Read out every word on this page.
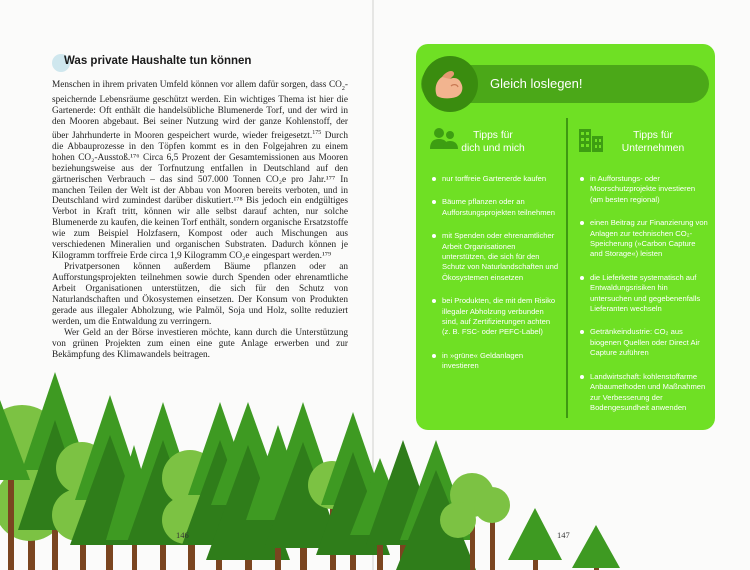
Was private Haushalte tun können

Menschen in ihrem privaten Umfeld können vor allem dafür sorgen, dass $CO_2$-speichernde Lebensräume geschützt werden. Ein wichtiges Thema ist hier die Gartenerde: Oft enthält die handelsübliche Blumenerde Torf, und der wird in den Mooren abgebaut. Bei seiner Nutzung wird der ganze Kohlenstoff, der über Jahrhunderte in Mooren gespeichert wurde, wieder freigesetzt.$^{175}$ Durch die Abbauprozesse in den Töpfen kommt es in den Folgejahren zu einem hohen CO₂-Ausstoß.¹⁷⁶ Circa 6,5 Prozent der Gesamtemissionen aus Mooren beziehungsweise aus der Torfnutzung entfallen in Deutschland auf den gärtnerischen Verbrauch – das sind 507.000 Tonnen CO₂e pro Jahr.¹⁷⁷ In manchen Teilen der Welt ist der Abbau von Mooren bereits verboten, und in Deutschland wird zumindest darüber diskutiert.¹⁷⁸ Bis jedoch ein endgültiges Verbot in Kraft tritt, können wir alle selbst darauf achten, nur solche Blumenerde zu kaufen, die keinen Torf enthält, sondern organische Ersatzstoffe wie zum Beispiel Holzfasern, Kompost oder auch Mischungen aus verschiedenen Mineralien und organischen Substraten. Dadurch können je Kilogramm torffreie Erde circa 1,9 Kilogramm CO₂e eingespart werden.¹⁷⁹

Privatpersonen können außerdem Bäume pflanzen oder an Aufforstungsprojekten teilnehmen sowie durch Spenden oder ehrenamtliche Arbeit Organisationen unterstützen, die sich für den Schutz von Naturlandschaften und Ökosystemen einsetzen. Der Konsum von Produkten gerade aus illegaler Abholzung, wie Palmöl, Soja und Holz, sollte reduziert werden, um die Entwaldung zu verringern.

Wer Geld an der Börse investieren möchte, kann durch die Unterstützung von grünen Projekten zum einen eine gute Anlage erwerben und zur Bekämpfung des Klimawandels beitragen.

Gleich loslegen!
Tipps für
dich und mich
Tipps für
Unternehmen
nur torffreie Gartenerde kaufen
Bäume pflanzen oder an Aufforstungsprojekten teilnehmen
mit Spenden oder ehrenamtlicher Arbeit Organisationen unterstützen, die sich für den Schutz von Naturlandschaften und Ökosystemen einsetzen
bei Produkten, die mit dem Risiko illegaler Abholzung verbunden sind, auf Zertifizierungen achten (z. B. FSC- oder PEFC-Label)
in »grüne« Geldanlagen investieren
in Aufforstungs- oder Moorschutzprojekte investieren (am besten regional)
einen Beitrag zur Finanzierung von Anlagen zur technischen CO₂-Speicherung (»Carbon Capture and Storage«) leisten
die Lieferkette systematisch auf Entwaldungsrisiken hin untersuchen und gegebenenfalls Lieferanten wechseln
Getränkeindustrie: CO₂ aus biogenen Quellen oder Direct Air Capture zuführen
Landwirtschaft: kohlenstoffarme Anbaumethoden und Maßnahmen zur Verbesserung der Bodengesundheit anwenden
146	147
